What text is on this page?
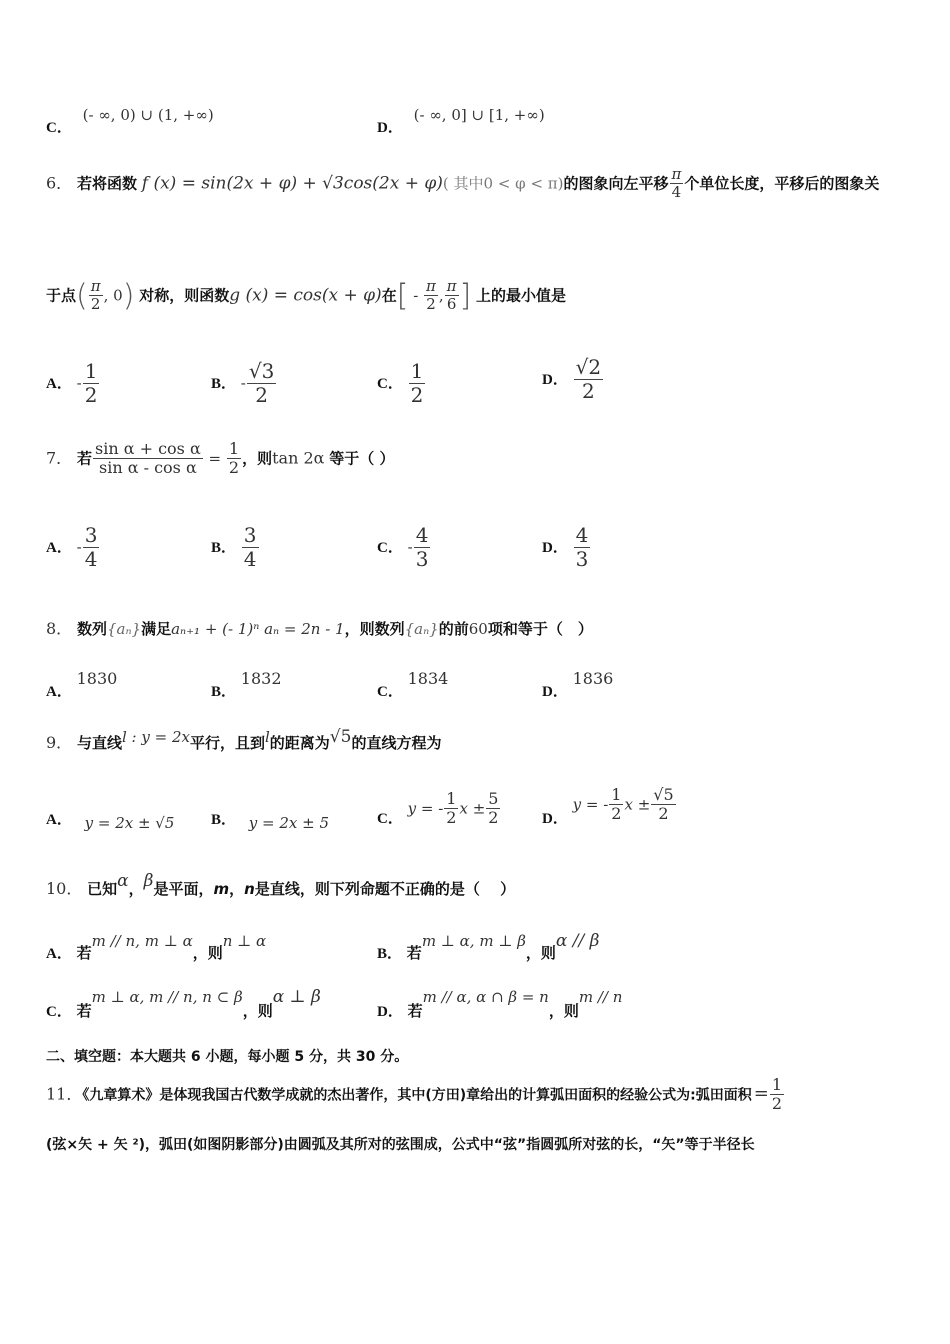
C． (- ∞, 0) ∪ (1, +∞)
D． (- ∞, 0] ∪ [1, +∞)
6． 若将函数 f (x) = sin(2x + φ) + √3cos(2x + φ)( 其中0 < φ < π)的图象向左平移 $\frac{\pi}{4}$ 个单位长度，平移后的图象关
于点( $\frac{\pi}{2}$ , 0) 对称，则函数g (x) = cos(x + φ)在[ - $\frac{\pi}{2}$ , $\frac{\pi}{6}$ ] 上的最小值是
A． - $\frac{1}{2}$	B． - $\frac{√3}{2}$	C． $\frac{1}{2}$	D． $\frac{√2}{2}$
7． 若 $\frac{\text{sin α + cos α}}{\text{sin α - cos α}} = \frac{1}{2}$ ，则tan 2α 等于（ ）
A． - $\frac{3}{4}$	B． $\frac{3}{4}$	C． - $\frac{4}{3}$	D． $\frac{4}{3}$
8． 数列{aₙ}满足aₙ₊₁ + (- 1)ⁿ aₙ = 2n - 1，则数列{aₙ}的前60项和等于（　）
A． 1830
B． 1832
C． 1834
D． 1836
9． 与直线l : y = 2x平行，且到l的距离为√5的直线方程为
A． y = 2x ± √5 B． y = 2x ± 5	C． y = - $\frac{1}{2}$ $x \pm \frac{5}{2}$	D． y = - $\frac{1}{2}$ $x \pm \frac{√5}{2}$
10． 已知α，β是平面，m，n是直线，则下列命题不正确的是（　 ）
A． 若m // n, m ⊥ α，则n ⊥ α
B． 若m ⊥ α, m ⊥ β，则α // β
C． 若m ⊥ α, m // n, n ⊂ β，则α ⊥ β
D． 若m // α, α ∩ β = n，则m // n
二、填空题：本大题共 6 小题，每小题 5 分，共 30 分。
11．《九章算术》是体现我国古代数学成就的杰出著作，其中(方田)章给出的计算弧田面积的经验公式为:弧田面积 = $\frac{1}{2}$
(弦×矢 + 矢 ²)，弧田(如图阴影部分)由圆弧及其所对的弦围成，公式中“弦”指圆弧所对弦的长，“矢”等于半径长
